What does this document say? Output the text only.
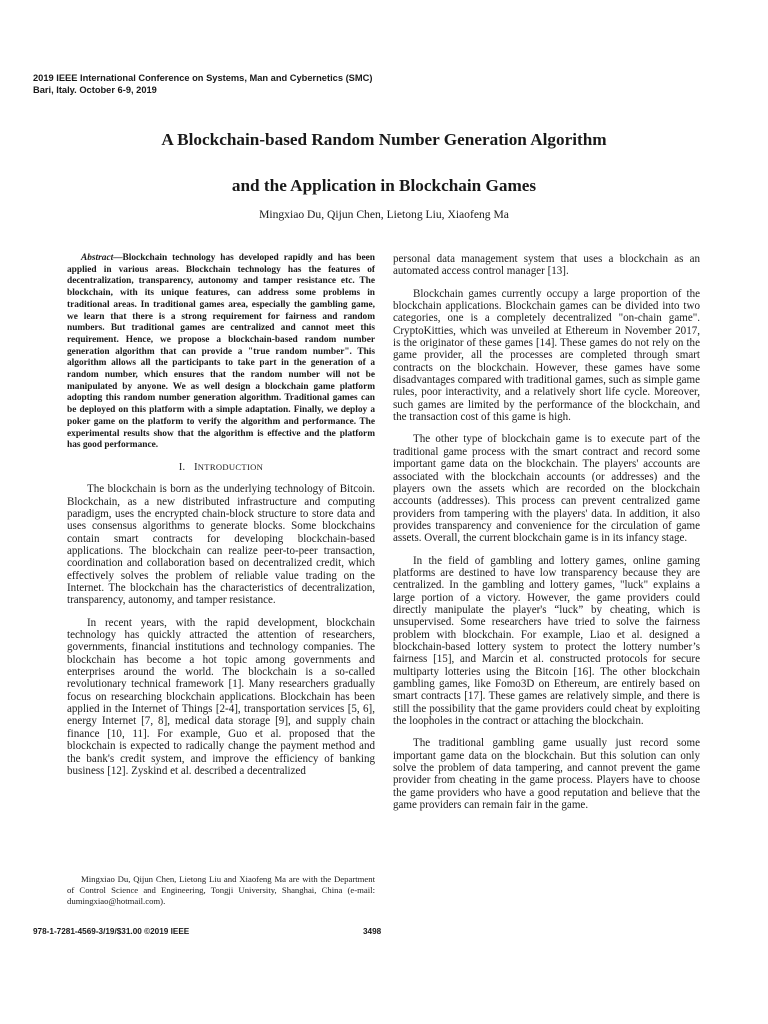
2019 IEEE International Conference on Systems, Man and Cybernetics (SMC)
Bari, Italy. October 6-9, 2019
A Blockchain-based Random Number Generation Algorithm
and the Application in Blockchain Games
Mingxiao Du, Qijun Chen, Lietong Liu, Xiaofeng Ma

Abstract—Blockchain technology has developed rapidly and has been applied in various areas. Blockchain technology has the features of decentralization, transparency, autonomy and tamper resistance etc. The blockchain, with its unique features, can address some problems in traditional areas. In traditional games area, especially the gambling game, we learn that there is a strong requirement for fairness and random numbers. But traditional games are centralized and cannot meet this requirement. Hence, we propose a blockchain-based random number generation algorithm that can provide a "true random number". This algorithm allows all the participants to take part in the generation of a random number, which ensures that the random number will not be manipulated by anyone. We as well design a blockchain game platform adopting this random number generation algorithm. Traditional games can be deployed on this platform with a simple adaptation. Finally, we deploy a poker game on the platform to verify the algorithm and performance. The experimental results show that the algorithm is effective and the platform has good performance.

I. INTRODUCTION

The blockchain is born as the underlying technology of Bitcoin. Blockchain, as a new distributed infrastructure and computing paradigm, uses the encrypted chain-block structure to store data and uses consensus algorithms to generate blocks. Some blockchains contain smart contracts for developing blockchain-based applications. The blockchain can realize peer-to-peer transaction, coordination and collaboration based on decentralized credit, which effectively solves the problem of reliable value trading on the Internet. The blockchain has the characteristics of decentralization, transparency, autonomy, and tamper resistance.

In recent years, with the rapid development, blockchain technology has quickly attracted the attention of researchers, governments, financial institutions and technology companies. The blockchain has become a hot topic among governments and enterprises around the world. The blockchain is a so-called revolutionary technical framework [1]. Many researchers gradually focus on researching blockchain applications. Blockchain has been applied in the Internet of Things [2-4], transportation services [5, 6], energy Internet [7, 8], medical data storage [9], and supply chain finance [10, 11]. For example, Guo et al. proposed that the blockchain is expected to radically change the payment method and the bank's credit system, and improve the efficiency of banking business [12]. Zyskind et al. described a decentralized

personal data management system that uses a blockchain as an automated access control manager [13].

Blockchain games currently occupy a large proportion of the blockchain applications. Blockchain games can be divided into two categories, one is a completely decentralized "on-chain game". CryptoKitties, which was unveiled at Ethereum in November 2017, is the originator of these games [14]. These games do not rely on the game provider, all the processes are completed through smart contracts on the blockchain. However, these games have some disadvantages compared with traditional games, such as simple game rules, poor interactivity, and a relatively short life cycle. Moreover, such games are limited by the performance of the blockchain, and the transaction cost of this game is high.

The other type of blockchain game is to execute part of the traditional game process with the smart contract and record some important game data on the blockchain. The players' accounts are associated with the blockchain accounts (or addresses) and the players own the assets which are recorded on the blockchain accounts (addresses). This process can prevent centralized game providers from tampering with the players' data. In addition, it also provides transparency and convenience for the circulation of game assets. Overall, the current blockchain game is in its infancy stage.

In the field of gambling and lottery games, online gaming platforms are destined to have low transparency because they are centralized. In the gambling and lottery games, "luck" explains a large portion of a victory. However, the game providers could directly manipulate the player's “luck” by cheating, which is unsupervised. Some researchers have tried to solve the fairness problem with blockchain. For example, Liao et al. designed a blockchain-based lottery system to protect the lottery number’s fairness [15], and Marcin et al. constructed protocols for secure multiparty lotteries using the Bitcoin [16]. The other blockchain gambling games, like Fomo3D on Ethereum, are entirely based on smart contracts [17]. These games are relatively simple, and there is still the possibility that the game providers could cheat by exploiting the loopholes in the contract or attaching the blockchain.

The traditional gambling game usually just record some important game data on the blockchain. But this solution can only solve the problem of data tampering, and cannot prevent the game provider from cheating in the game process. Players have to choose the game providers who have a good reputation and believe that the game providers can remain fair in the game.

Mingxiao Du, Qijun Chen, Lietong Liu and Xiaofeng Ma are with the Department of Control Science and Engineering, Tongji University, Shanghai, China (e-mail: dumingxiao@hotmail.com).
978-1-7281-4569-3/19/$31.00 ©2019 IEEE	3498
